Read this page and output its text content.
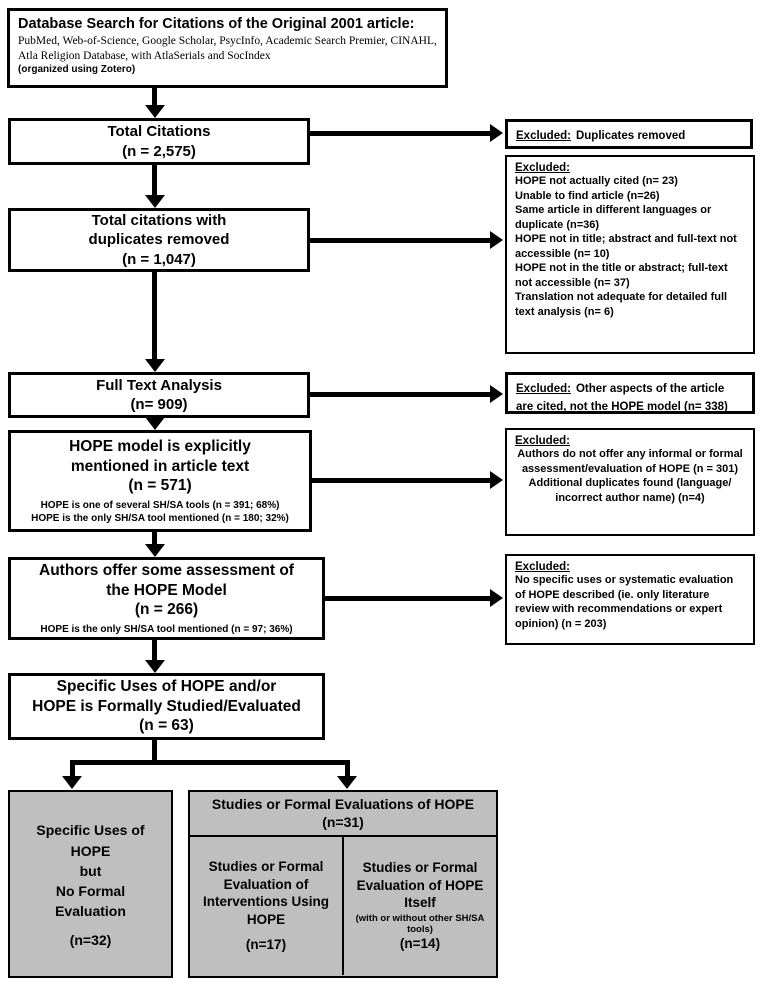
Database Search for Citations of the Original 2001 article:
PubMed, Web-of-Science, Google Scholar, PsycInfo, Academic Search Premier, CINAHL, Atla Religion Database, with AtlaSerials and SocIndex
(organized using Zotero)
Total Citations
(n = 2,575)
Excluded: Duplicates removed
Total citations with
duplicates removed
(n = 1,047)
Excluded:
HOPE not actually cited (n= 23)
Unable to find article (n=26)
Same article in different languages or duplicate (n=36)
HOPE not in title; abstract and full-text not accessible (n= 10)
HOPE not in the title or abstract; full-text not accessible (n= 37)
Translation not adequate for detailed full text analysis (n= 6)
Full Text Analysis
(n= 909)
Excluded: Other aspects of the article are cited, not the HOPE model (n= 338)
HOPE model is explicitly
mentioned in article text
(n = 571)
HOPE is one of several SH/SA tools (n = 391; 68%)
HOPE is the only SH/SA tool mentioned (n = 180; 32%)
Excluded:
Authors do not offer any informal or formal assessment/evaluation of HOPE (n = 301)
Additional duplicates found (language/ incorrect author name) (n=4)
Authors offer some assessment of
the HOPE Model
(n = 266)
HOPE is the only SH/SA tool mentioned (n = 97; 36%)
Excluded:
No specific uses or systematic evaluation of HOPE described (ie. only literature review with recommendations or expert opinion) (n = 203)
Specific Uses of HOPE and/or
HOPE is Formally Studied/Evaluated
(n = 63)
Specific Uses of
HOPE
but
No Formal
Evaluation
(n=32)
Studies or Formal Evaluations of HOPE
(n=31)
Studies or Formal Evaluation of Interventions Using HOPE
(n=17)
Studies or Formal Evaluation of HOPE Itself
(with or without other SH/SA tools)
(n=14)
